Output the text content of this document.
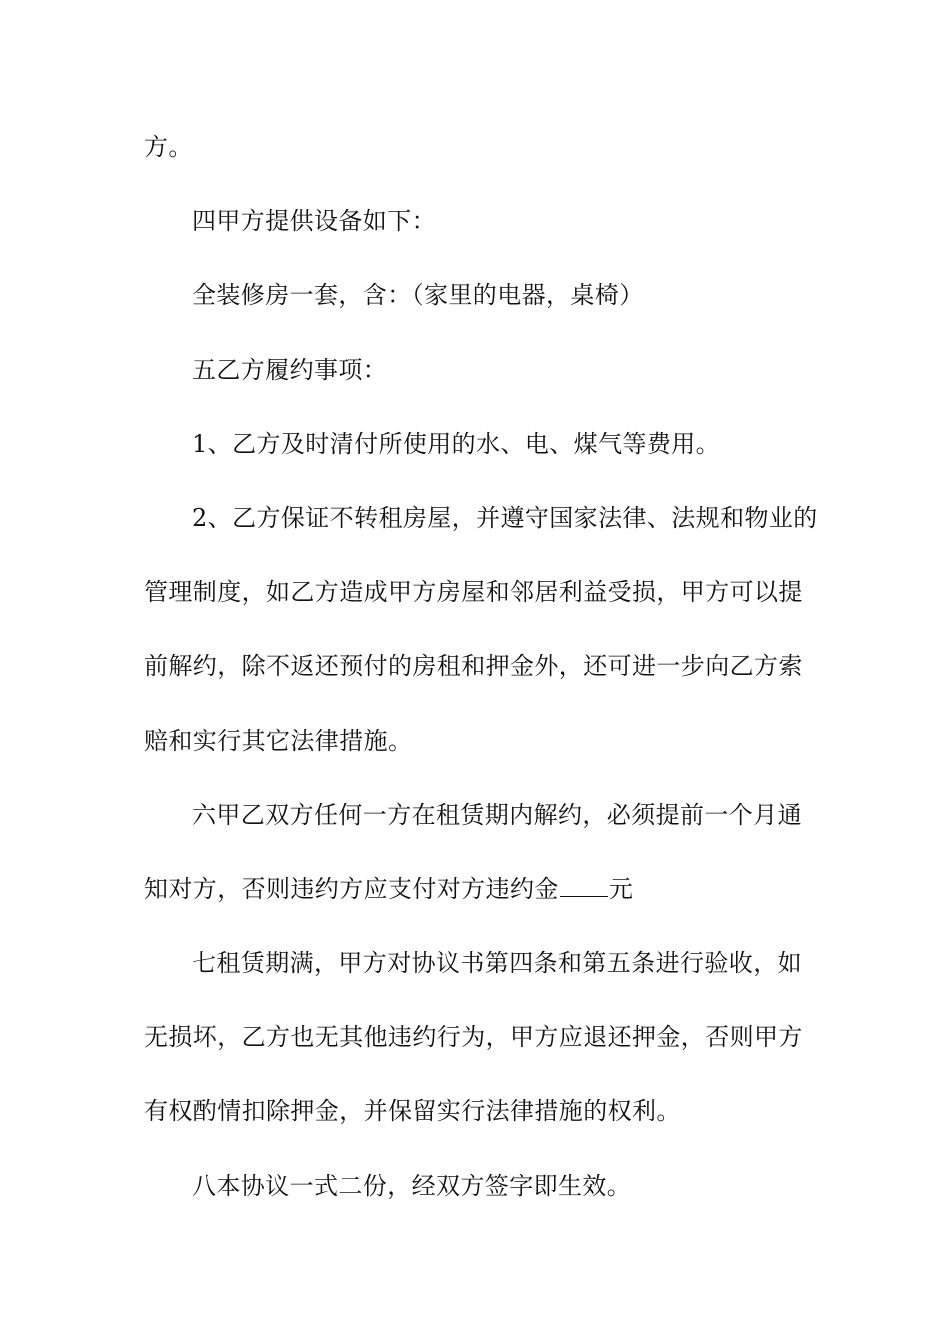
方。
四甲方提供设备如下：
全装修房一套，含：（家里的电器，桌椅）
五乙方履约事项：
1、乙方及时清付所使用的水、电、煤气等费用。
2、乙方保证不转租房屋，并遵守国家法律、法规和物业的
管理制度，如乙方造成甲方房屋和邻居利益受损，甲方可以提
前解约，除不返还预付的房租和押金外，还可进一步向乙方索
赔和实行其它法律措施。
六甲乙双方任何一方在租赁期内解约，必须提前一个月通
知对方，否则违约方应支付对方违约金 元
七租赁期满，甲方对协议书第四条和第五条进行验收，如
无损坏，乙方也无其他违约行为，甲方应退还押金，否则甲方
有权酌情扣除押金，并保留实行法律措施的权利。
八本协议一式二份，经双方签字即生效。
